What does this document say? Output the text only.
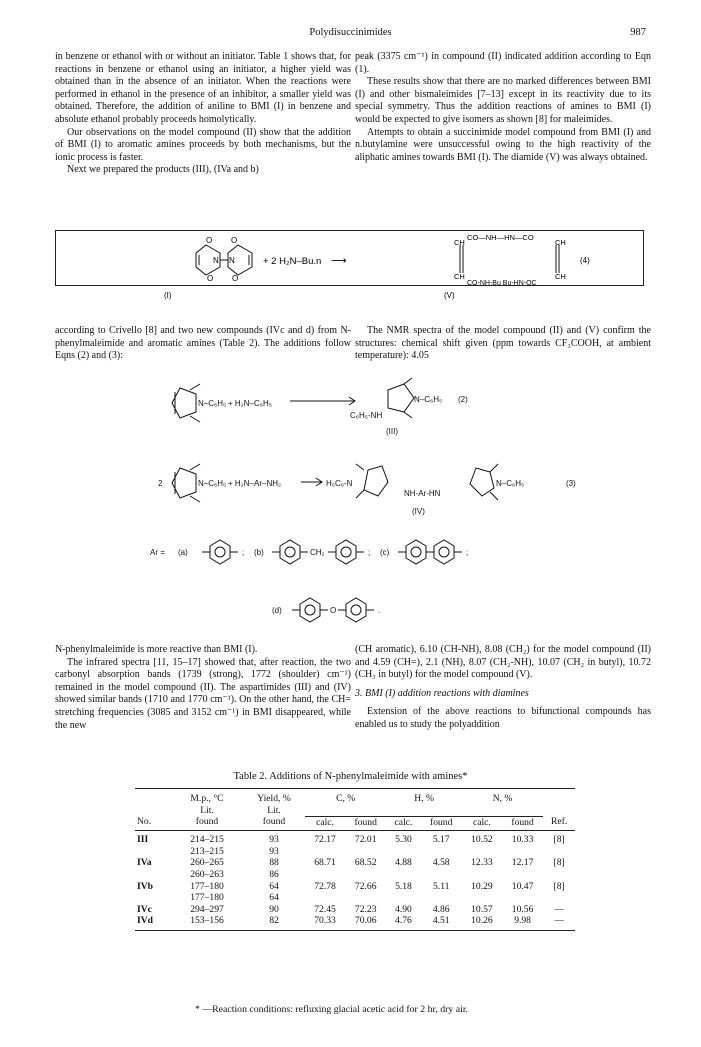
Polydisuccinimides	987

in benzene or ethanol with or without an initiator. Table 1 shows that, for reactions in benzene or ethanol using an initiator, a higher yield was obtained than in the absence of an initiator. When the reactions were performed in ethanol in the presence of an inhibitor, a smaller yield was obtained. Therefore, the addition of aniline to BMI (I) in benzene and absolute ethanol probably proceeds homolytically.

Our observations on the model compound (II) show that the addition of BMI (I) to aromatic amines proceeds by both mechanisms, but the ionic process is faster.

Next we prepared the products (III), (IVa and b)

peak (3375 cm⁻¹) in compound (II) indicated addition according to Eqn (1).

These results show that there are no marked differences between BMI (I) and other bismaleimides [7–13] except in its reactivity due to its special symmetry. Thus the addition reactions of amines to BMI (I) would be expected to give isomers as shown [8] for maleimides.

Attempts to obtain a succinimide model compound from BMI (I) and n.butylamine were unsuccessful owing to the high reactivity of the aliphatic amines towards BMI (I). The diamide (V) was always obtained.

O O
O O
N N	+ 2 H₂N–Bu.n ⟶
CH
CH
CH
CH
CO—NH—HN—CO
CO-NH-Bu Bu-HN-OC
(4)
(I)	(V)

according to Crivello [8] and two new compounds (IVc and d) from N-phenylmaleimide and aromatic amines (Table 2). The additions follow Eqns (2) and (3):

The NMR spectra of the model compound (II) and (V) confirm the structures: chemical shift given (ppm towards CF₃COOH, at ambient temperature): 4.05

N–C₆H₅ + H₂N–C₆H₅	N–C₆H₅
C₆H₅-NH
(III)
(2)
2	N–C₆H₅ + H₂N–Ar–NH₂	H₅C₆-N
NH-Ar-HN
N–C₆H₅
(IV)
(3)
Ar = (a)	; (b)	CH₂	; (c)	;
(d)	O	.

N-phenylmaleimide is more reactive than BMI (I).

The infrared spectra [11, 15–17] showed that, after reaction, the two carbonyl absorption bands (1739 (strong), 1772 (shoulder) cm⁻¹) remained in the model compound (II). The aspartimides (III) and (IV) showed similar bands (1710 and 1770 cm⁻¹). On the other hand, the CH= stretching frequencies (3085 and 3152 cm⁻¹) in BMI disappeared, while the new

(CH aromatic), 6.10 (CH-NH), 8.08 (CH₂) for the model compound (II) and 4.59 (CH=), 2.1 (NH), 8.07 (CH₂-NH), 10.07 (CH₂ in butyl), 10.72 (CH₃ in butyl) for the model compound (V).

3. BMI (I) addition reactions with diamines

Extension of the above reactions to bifunctional compounds has enabled us to study the polyaddition

Table 2. Additions of N-phenylmaleimide with amines*
	M.p., °C	Yield, %	C, %		H, %		N, %		
	Lit.	Lit.							
No.	found	found	calc.	found	calc.	found	calc.	found	Ref.
III	214–215	93	72.17	72.01	5.30	5.17	10.52	10.33	[8]
	213–215	93							
IVa	260–265	88	68.71	68.52	4.88	4.58	12.33	12.17	[8]
	260–263	86							
IVb	177–180	64	72.78	72.66	5.18	5.11	10.29	10.47	[8]
	177–180	64							
IVc	294–297	90	72.45	72.23	4.90	4.86	10.57	10.56	—
IVd	153–156	82	70.33	70.06	4.76	4.51	10.26	9.98	—
* —Reaction conditions: refluxing glacial acetic acid for 2 hr, dry air.
